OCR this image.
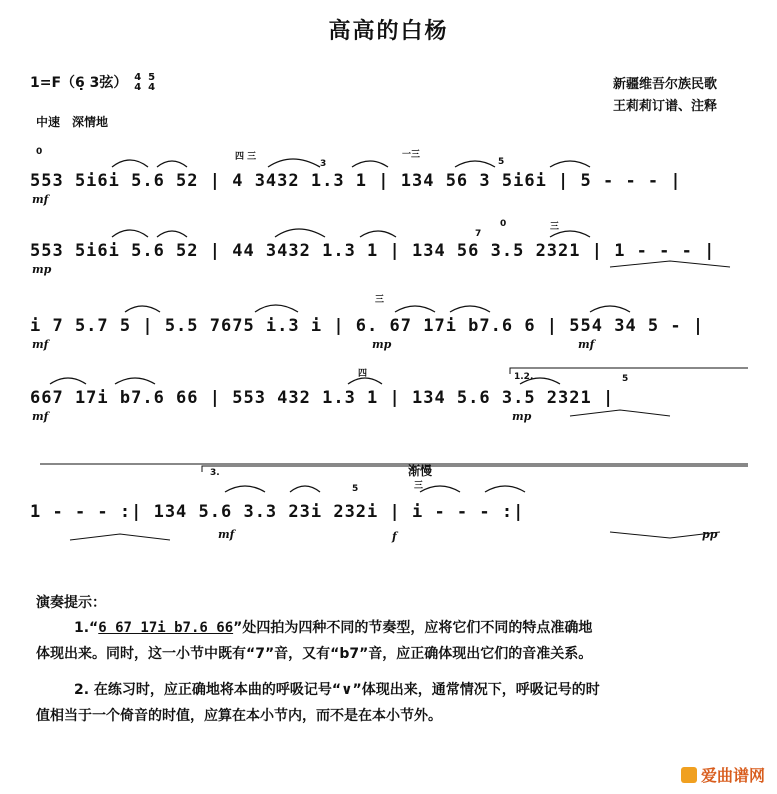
高高的白杨
1=F（6̣ 3弦） 4
4 5
4
中速　深情地
新疆维吾尔族民歌
王莉莉订谱、注释
0	四 三
3
一三
5
553 5i6i 5.6 52 | 4 3432 1.3 1 | 134 56 3 5i6i | 5 - - - |
mf
7
0	三
553 5i6i 5.6 52 | 44 3432 1.3 1 | 134 56 3.5 2321 | 1 - - - |
mp
三
i 7 5.7 5 | 5.5 7675 i.3 i | 6. 67 17i b7.6 6 | 554 34 5 - |
mf	mp	mf
四	1.2.	5
667 17i b7.6 66 | 553 432 1.3 1 | 134 5.6 3.5 2321 |
mf	mp
3.	渐慢
5	三
1 - - - :| 134 5.6 3.3 23i 232i | i - - - :|
mf	f	pp
演奏提示：
1.“6 67 17i b7.6 66”处四拍为四种不同的节奏型，应将它们不同的特点准确地
体现出来。同时，这一小节中既有“7”音，又有“b7”音，应正确体现出它们的音准关系。
2. 在练习时，应正确地将本曲的呼吸记号“∨”体现出来，通常情况下，呼吸记号的时
值相当于一个倚音的时值，应算在本小节内，而不是在本小节外。
爱曲谱网
